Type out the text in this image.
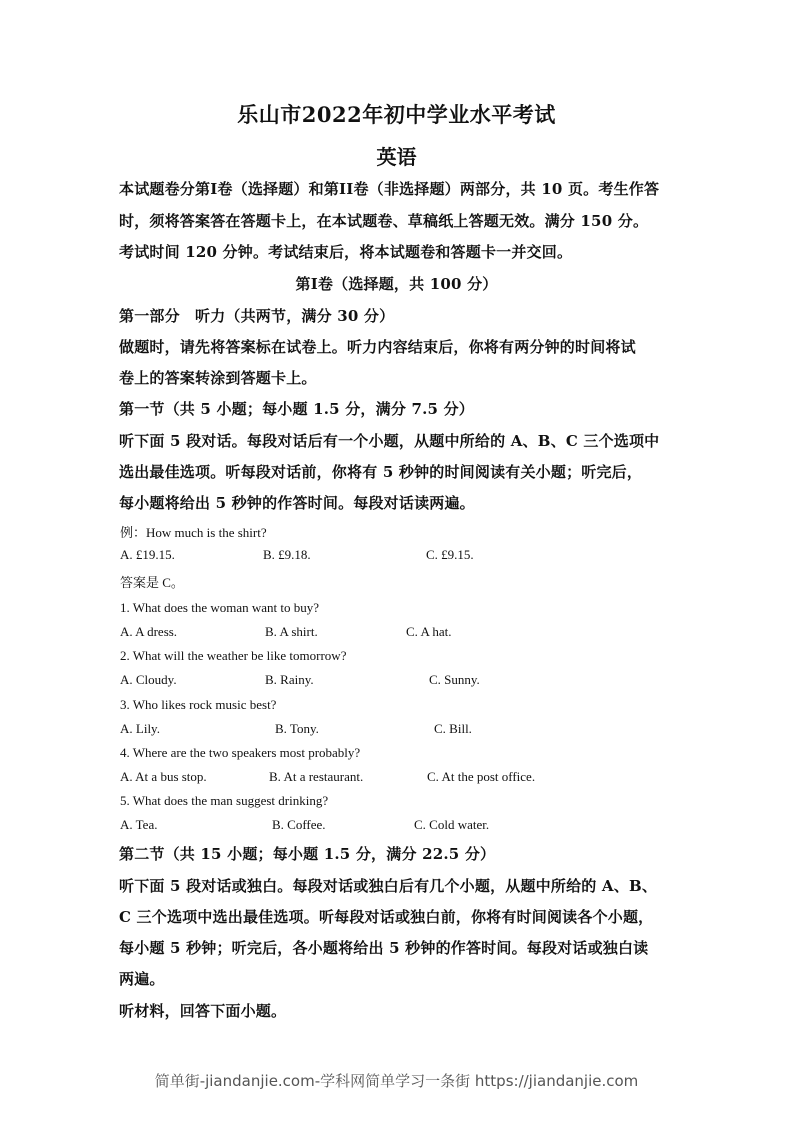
乐山市2022年初中学业水平考试
英语
本试题卷分第I卷（选择题）和第II卷（非选择题）两部分，共 10 页。考生作答
时，须将答案答在答题卡上，在本试题卷、草稿纸上答题无效。满分 150 分。
考试时间 120 分钟。考试结束后，将本试题卷和答题卡一并交回。
第I卷（选择题，共 100 分）
第一部分　听力（共两节，满分 30 分）
做题时，请先将答案标在试卷上。听力内容结束后，你将有两分钟的时间将试
卷上的答案转涂到答题卡上。
第一节（共 5 小题；每小题 1.5 分，满分 7.5 分）
听下面 5 段对话。每段对话后有一个小题，从题中所给的 A、B、C 三个选项中
选出最佳选项。听每段对话前，你将有 5 秒钟的时间阅读有关小题；听完后，
每小题将给出 5 秒钟的作答时间。每段对话读两遍。
例：How much is the shirt?
A. £19.15.	B. £9.18.	C. £9.15.
答案是 C。
1. What does the woman want to buy?
A. A dress.	B. A shirt.	C. A hat.
2. What will the weather be like tomorrow?
A. Cloudy.	B. Rainy.	C. Sunny.
3. Who likes rock music best?
A. Lily.	B. Tony.	C. Bill.
4. Where are the two speakers most probably?
A. At a bus stop.	B. At a restaurant.	C. At the post office.
5. What does the man suggest drinking?
A. Tea.	B. Coffee.	C. Cold water.
第二节（共 15 小题；每小题 1.5 分，满分 22.5 分）
听下面 5 段对话或独白。每段对话或独白后有几个小题，从题中所给的 A、B、
C 三个选项中选出最佳选项。听每段对话或独白前，你将有时间阅读各个小题，
每小题 5 秒钟；听完后，各小题将给出 5 秒钟的作答时间。每段对话或独白读
两遍。
听材料，回答下面小题。
简单街-jiandanjie.com-学科网简单学习一条街 https://jiandanjie.com
